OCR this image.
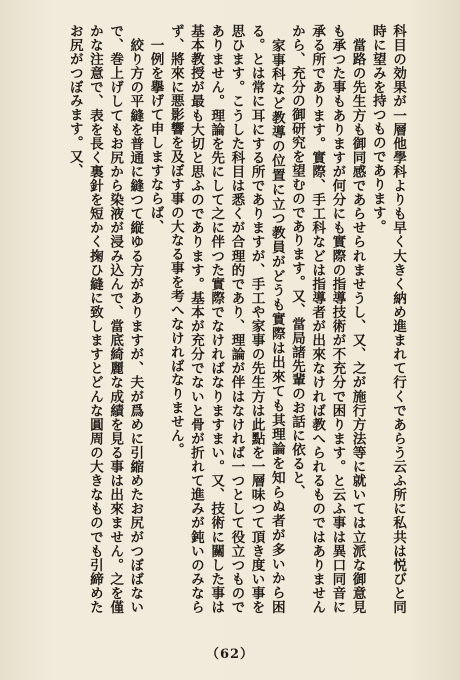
科目の効果が一層他學科よりも早く大きく納め進まれて行くであらう云ふ所に私共は悦びと同時に望みを持つものであります。

　當路の先生方も御同感であらせられませうし、又、之が施行方法等に就いては立派な御意見も承つた事もありますが何分にも實際の指導技術が不充分で困ります。と云ふ事は異口同音に承る所であります。實際、手工科などは指導者が出來なければ教へられるものではありませんから、充分の御研究を望むのであります。又、當局諸先輩のお話に依ると、

　家事科など教導の位置に立つ教員がどうも實際は出來ても其理論を知らぬ者が多いから困る。とは常に耳にする所でありますが、手工や家事の先生方は此點を一層味つて頂き度い事を思ひます。こうした科目は悉くが合理的であり、理論が伴はなければ一つとして役立つものでありません。理論を先にして之に伴つた實際でなければなりますまい。又、技術に關した事は基本教授が最も大切と思ふのであります。基本が充分でないと骨が折れて進みが鈍いのみならず、將來に悪影響を及ぼす事の大なる事を考へなければなりません。

　一例を擧げて申しますならば、

　絞り方の平縫を普通に縫つて縦ゆる方がありますが、夫が爲めに引縮めたお尻がつぼばないで、巻上げしてもお尻から染液が浸み込んで、當底綺麗な成績を見る事は出來ません。之を僅かな注意で、表を長く裏針を短かく掬ひ縫に致しますとどんな圓周の大きなものでも引締めたお尻がつぼみます。又、

（62）
